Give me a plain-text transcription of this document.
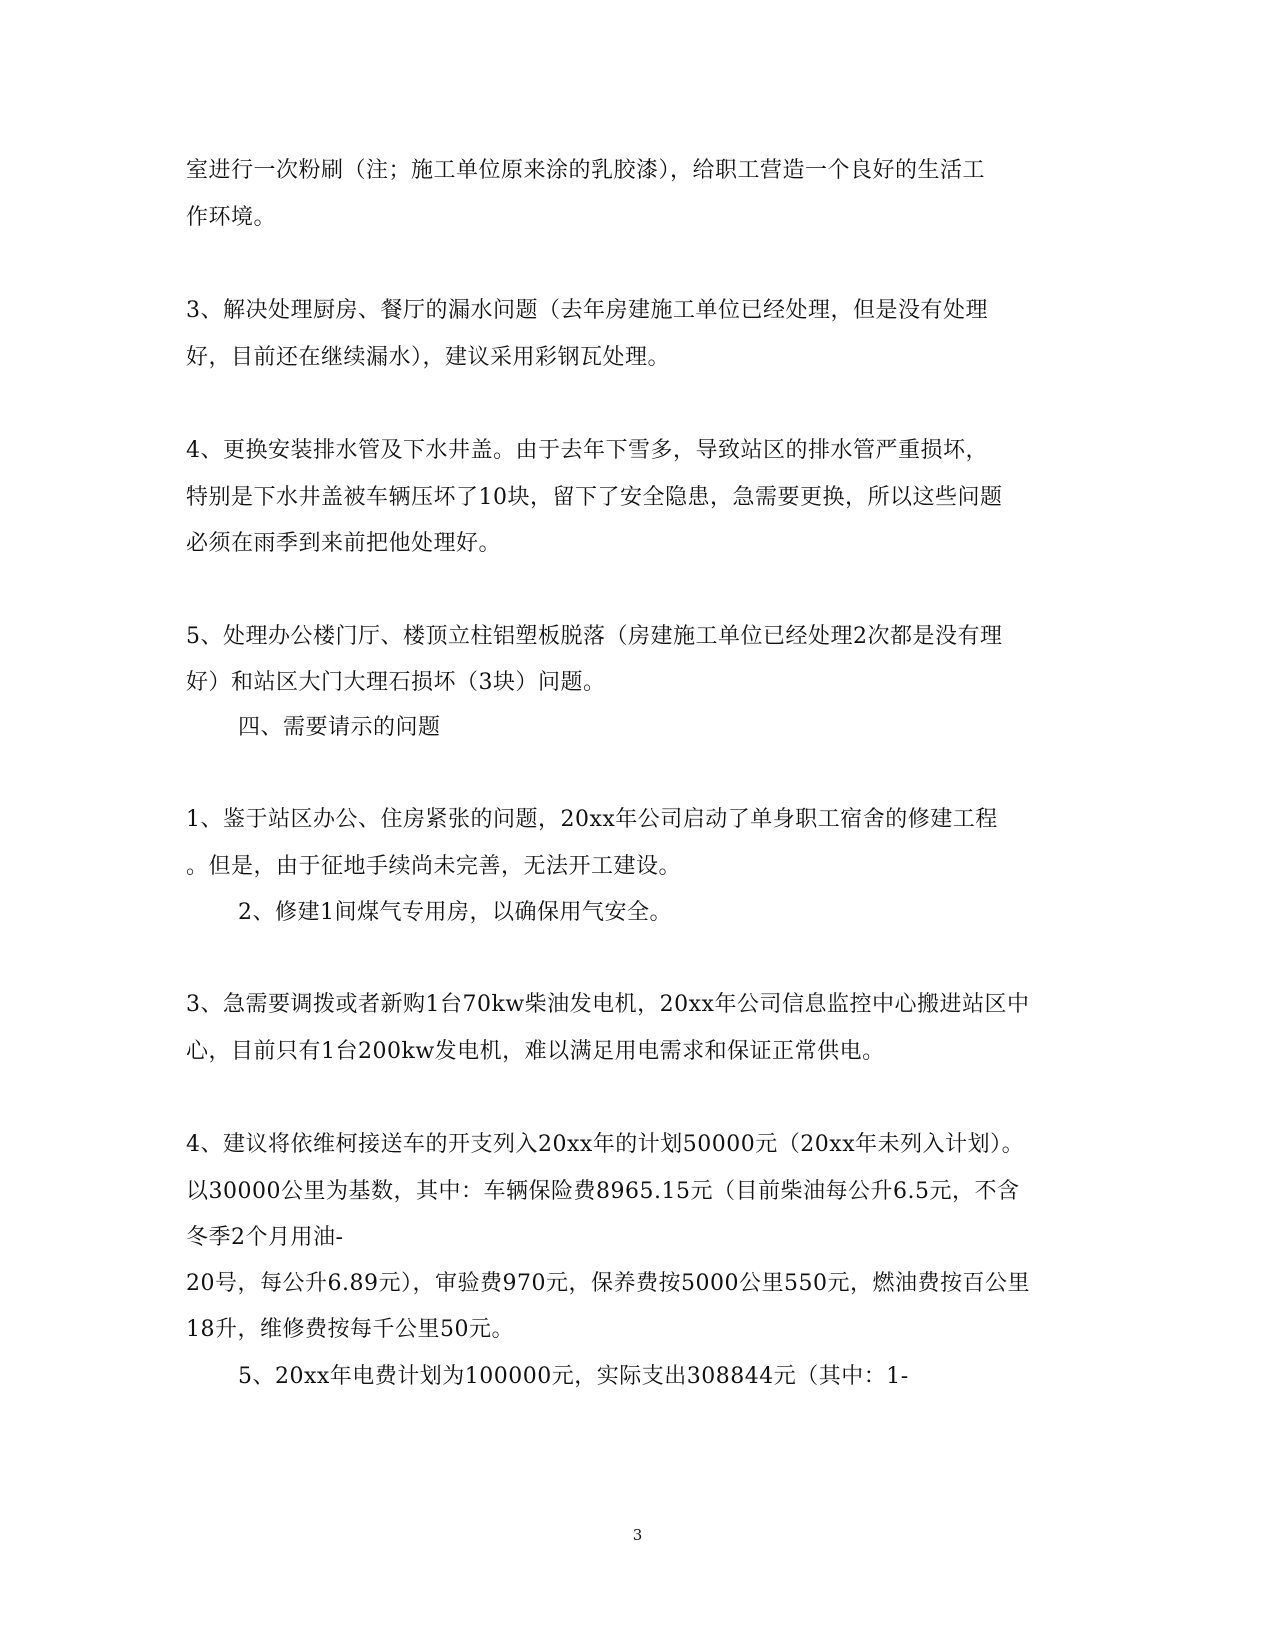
室进行一次粉刷（注；施工单位原来涂的乳胶漆），给职工营造一个良好的生活工
作环境。
3、解决处理厨房、餐厅的漏水问题（去年房建施工单位已经处理，但是没有处理
好，目前还在继续漏水），建议采用彩钢瓦处理。
4、更换安装排水管及下水井盖。由于去年下雪多，导致站区的排水管严重损坏，
特别是下水井盖被车辆压坏了10块，留下了安全隐患，急需要更换，所以这些问题
必须在雨季到来前把他处理好。
5、处理办公楼门厅、楼顶立柱铝塑板脱落（房建施工单位已经处理2次都是没有理
好）和站区大门大理石损坏（3块）问题。
四、需要请示的问题
1、鉴于站区办公、住房紧张的问题，20xx年公司启动了单身职工宿舍的修建工程
。但是，由于征地手续尚未完善，无法开工建设。
2、修建1间煤气专用房，以确保用气安全。
3、急需要调拨或者新购1台70kw柴油发电机，20xx年公司信息监控中心搬进站区中
心，目前只有1台200kw发电机，难以满足用电需求和保证正常供电。
4、建议将依维柯接送车的开支列入20xx年的计划50000元（20xx年未列入计划）。
以30000公里为基数，其中：车辆保险费8965.15元（目前柴油每公升6.5元，不含
冬季2个月用油-
20号，每公升6.89元），审验费970元，保养费按5000公里550元，燃油费按百公里
18升，维修费按每千公里50元。
5、20xx年电费计划为100000元，实际支出308844元（其中：1-
3
